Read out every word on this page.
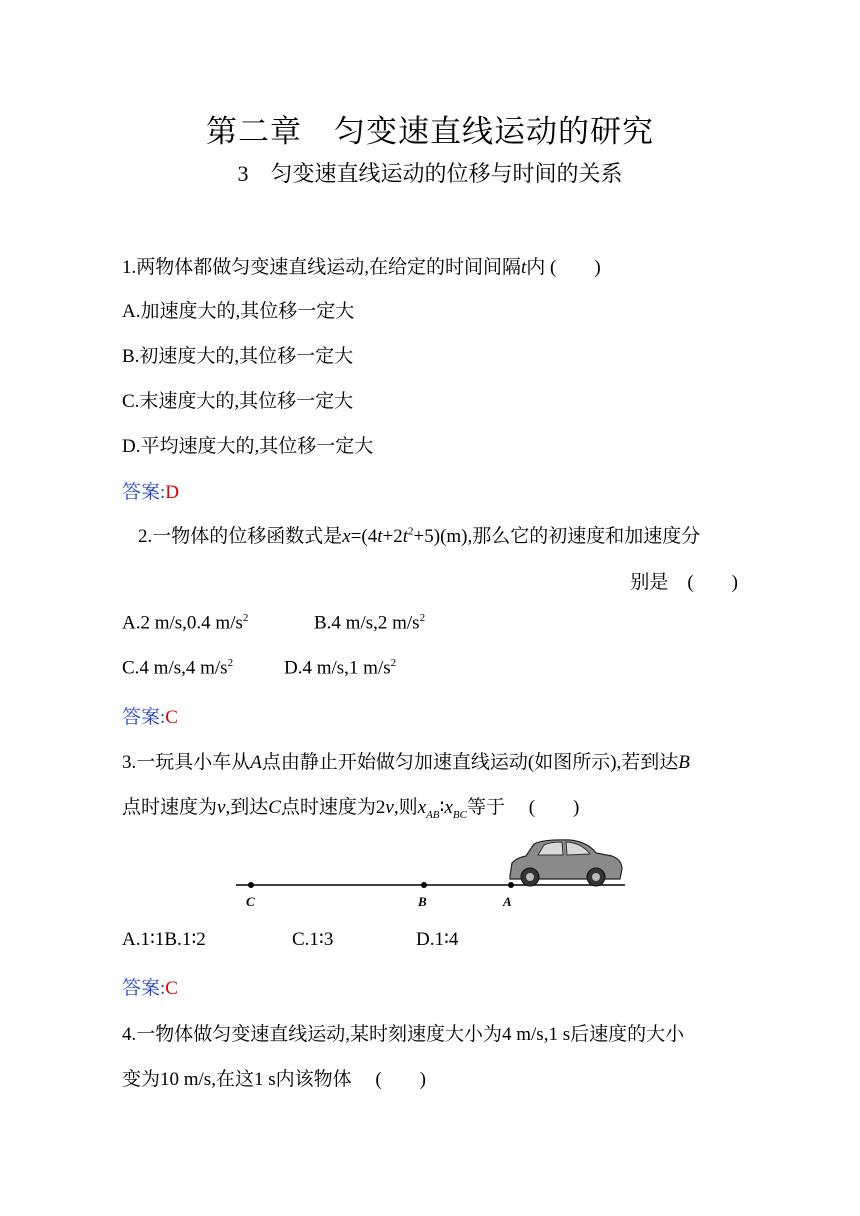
第二章　匀变速直线运动的研究
3　匀变速直线运动的位移与时间的关系
1.两物体都做匀变速直线运动,在给定的时间间隔t内 (　　)
A.加速度大的,其位移一定大
B.初速度大的,其位移一定大
C.末速度大的,其位移一定大
D.平均速度大的,其位移一定大
答案:D
2.一物体的位移函数式是$x=(4t+2t^2+5)(m)$,那么它的初速度和加速度分
别是　(　　)
A.2 m/s,0.4 $m/s^2$	B.4 m/s,2 $m/s^2$
C.4 m/s,4 $m/s^2$	D.4 m/s,1 $m/s^2$
答案:C
3.一玩具小车从A点由静止开始做匀加速直线运动(如图所示),若到达B
点时速度为v,到达C点时速度为2v,则$x_{AB}∶x_{BC}$等于　 (　　)
C	B	A
A.1∶1B.1∶2	C.1∶3	D.1∶4
答案:C
4.一物体做匀变速直线运动,某时刻速度大小为4 m/s,1 s后速度的大小
变为10 m/s,在这1 s内该物体　 (　　)
